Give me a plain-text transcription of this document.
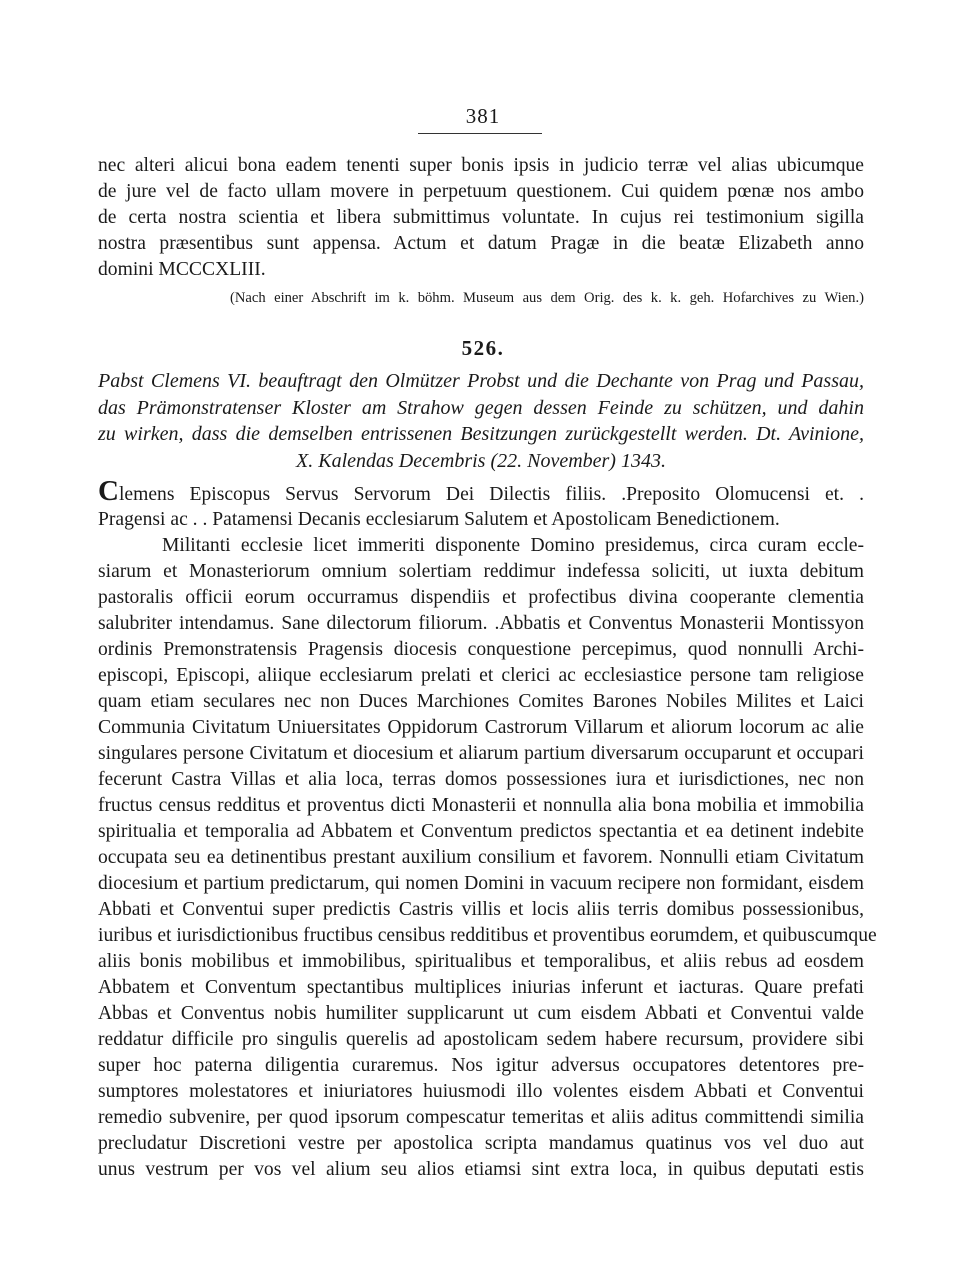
381
nec alteri alicui bona eadem tenenti super bonis ipsis in judicio terræ vel alias ubicumque
de jure vel de facto ullam movere in perpetuum questionem. Cui quidem pœnæ nos ambo
de certa nostra scientia et libera submittimus voluntate. In cujus rei testimonium sigilla
nostra præsentibus sunt appensa. Actum et datum Pragæ in die beatæ Elizabeth anno
domini MCCCXLIII.
(Nach einer Abschrift im k. böhm. Museum aus dem Orig. des k. k. geh. Hofarchives zu Wien.)
526.
Pabst Clemens VI. beauftragt den Olmützer Probst und die Dechante von Prag und Passau,
das Prämonstratenser Kloster am Strahow gegen dessen Feinde zu schützen, und dahin
zu wirken, dass die demselben entrissenen Besitzungen zurückgestellt werden. Dt. Avinione,
X. Kalendas Decembris (22. November) 1343.
Clemens Episcopus Servus Servorum Dei Dilectis filiis. .Preposito Olomucensi et. .
Pragensi ac . . Patamensi Decanis ecclesiarum Salutem et Apostolicam Benedictionem.
Militanti ecclesie licet immeriti disponente Domino presidemus, circa curam eccle-
siarum et Monasteriorum omnium solertiam reddimur indefessa soliciti, ut iuxta debitum
pastoralis officii eorum occurramus dispendiis et profectibus divina cooperante clementia
salubriter intendamus. Sane dilectorum filiorum. .Abbatis et Conventus Monasterii Montissyon
ordinis Premonstratensis Pragensis diocesis conquestione percepimus, quod nonnulli Archi-
episcopi, Episcopi, aliique ecclesiarum prelati et clerici ac ecclesiastice persone tam religiose
quam etiam seculares nec non Duces Marchiones Comites Barones Nobiles Milites et Laici
Communia Civitatum Uniuersitates Oppidorum Castrorum Villarum et aliorum locorum ac alie
singulares persone Civitatum et diocesium et aliarum partium diversarum occuparunt et occupari
fecerunt Castra Villas et alia loca, terras domos possessiones iura et iurisdictiones, nec non
fructus census redditus et proventus dicti Monasterii et nonnulla alia bona mobilia et immobilia
spiritualia et temporalia ad Abbatem et Conventum predictos spectantia et ea detinent indebite
occupata seu ea detinentibus prestant auxilium consilium et favorem. Nonnulli etiam Civitatum
diocesium et partium predictarum, qui nomen Domini in vacuum recipere non formidant, eisdem
Abbati et Conventui super predictis Castris villis et locis aliis terris domibus possessionibus,
iuribus et iurisdictionibus fructibus censibus redditibus et proventibus eorumdem, et quibuscumque
aliis bonis mobilibus et immobilibus, spiritualibus et temporalibus, et aliis rebus ad eosdem
Abbatem et Conventum spectantibus multiplices iniurias inferunt et iacturas. Quare prefati
Abbas et Conventus nobis humiliter supplicarunt ut cum eisdem Abbati et Conventui valde
reddatur difficile pro singulis querelis ad apostolicam sedem habere recursum, providere sibi
super hoc paterna diligentia curaremus. Nos igitur adversus occupatores detentores pre-
sumptores molestatores et iniuriatores huiusmodi illo volentes eisdem Abbati et Conventui
remedio subvenire, per quod ipsorum compescatur temeritas et aliis aditus committendi similia
precludatur Discretioni vestre per apostolica scripta mandamus quatinus vos vel duo aut
unus vestrum per vos vel alium seu alios etiamsi sint extra loca, in quibus deputati estis
